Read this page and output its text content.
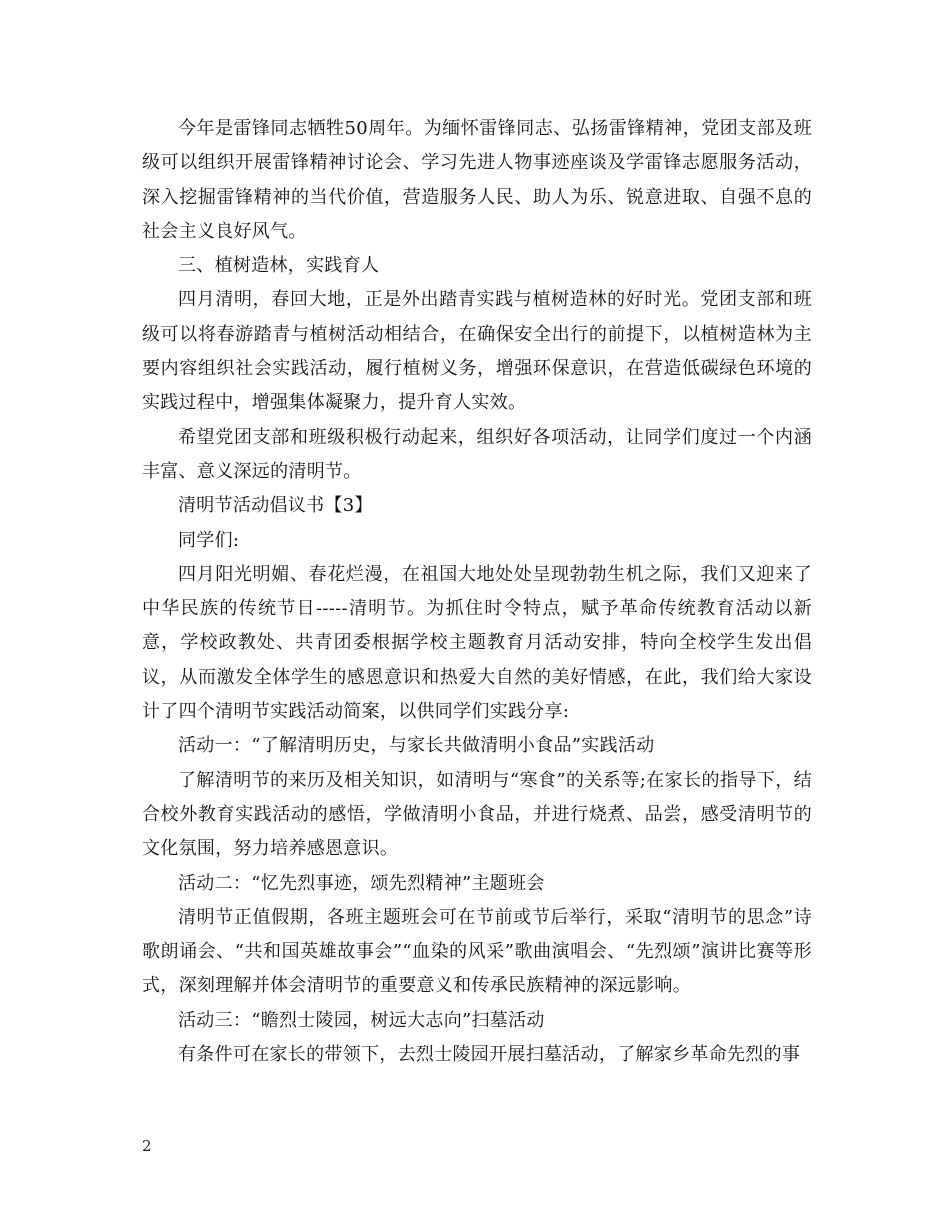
今年是雷锋同志牺牲50周年。为缅怀雷锋同志、弘扬雷锋精神，党团支部及班级可以组织开展雷锋精神讨论会、学习先进人物事迹座谈及学雷锋志愿服务活动，深入挖掘雷锋精神的当代价值，营造服务人民、助人为乐、锐意进取、自强不息的社会主义良好风气。

三、植树造林，实践育人

四月清明，春回大地，正是外出踏青实践与植树造林的好时光。党团支部和班级可以将春游踏青与植树活动相结合，在确保安全出行的前提下，以植树造林为主要内容组织社会实践活动，履行植树义务，增强环保意识，在营造低碳绿色环境的实践过程中，增强集体凝聚力，提升育人实效。

希望党团支部和班级积极行动起来，组织好各项活动，让同学们度过一个内涵丰富、意义深远的清明节。

清明节活动倡议书【3】

同学们:

四月阳光明媚、春花烂漫，在祖国大地处处呈现勃勃生机之际，我们又迎来了中华民族的传统节日-----清明节。为抓住时令特点，赋予革命传统教育活动以新意，学校政教处、共青团委根据学校主题教育月活动安排，特向全校学生发出倡议，从而激发全体学生的感恩意识和热爱大自然的美好情感，在此，我们给大家设计了四个清明节实践活动简案，以供同学们实践分享:

活动一：“了解清明历史，与家长共做清明小食品”实践活动

了解清明节的来历及相关知识，如清明与“寒食”的关系等;在家长的指导下，结合校外教育实践活动的感悟，学做清明小食品，并进行烧煮、品尝，感受清明节的文化氛围，努力培养感恩意识。

活动二：“忆先烈事迹，颂先烈精神”主题班会

清明节正值假期，各班主题班会可在节前或节后举行，采取“清明节的思念”诗歌朗诵会、“共和国英雄故事会”“血染的风采”歌曲演唱会、“先烈颂”演讲比赛等形式，深刻理解并体会清明节的重要意义和传承民族精神的深远影响。

活动三：“瞻烈士陵园，树远大志向”扫墓活动

有条件可在家长的带领下，去烈士陵园开展扫墓活动，了解家乡革命先烈的事

2
